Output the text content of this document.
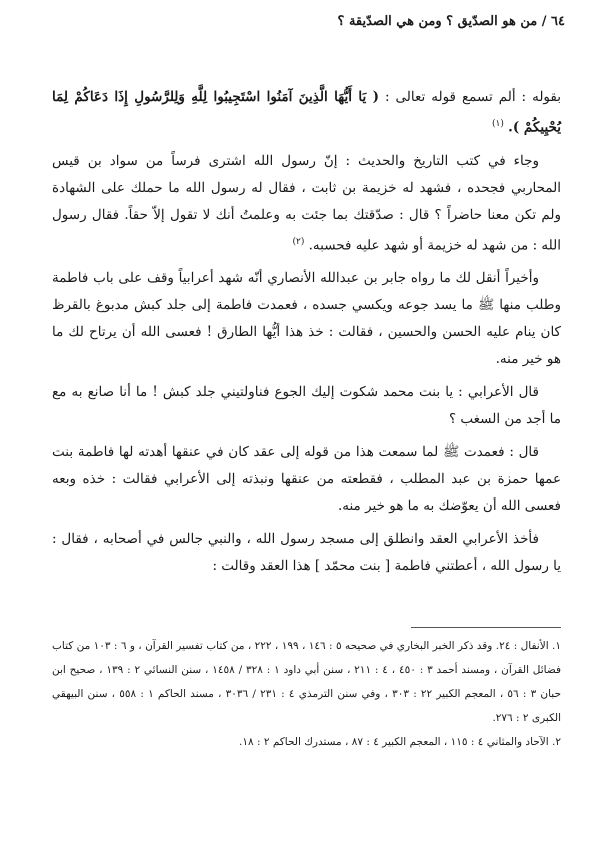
٦٤ / من هو الصدّيق ؟ ومن هي الصدّيقة ؟

بقوله : ألم تسمع قوله تعالى : ( يَا أَيُّهَا الَّذِينَ آمَنُوا اسْتَجِيبُوا لِلَّهِ وَلِلرَّسُولِ إِذَا دَعَاكُمْ لِمَا يُحْيِيكُمْ ). $^{(١)}$

وجاء في كتب التاريخ والحديث : إنّ رسول الله اشترى فرساً من سواد بن قيس المحاربي فجحده ، فشهد له خزيمة بن ثابت ، فقال له رسول الله ما حملك على الشهادة ولم تكن معنا حاضراً ؟ قال : صدّقتك بما جئت به وعلمتُ أنك لا تقول إلاّ حقاً. فقال رسول الله : من شهد له خزيمة أو شهد عليه فحسبه. $^{(٢)}$

وأخيراً أنقل لك ما رواه جابر بن عبدالله الأنصاري أنّه شهد أعرابياً وقف على باب فاطمة وطلب منها ﷺ ما يسد جوعه ويكسي جسده ، فعمدت فاطمة إلى جلد كبش مدبوغ بالقرظ كان ينام عليه الحسن والحسين ، فقالت : خذ هذا أيُّها الطارق ! فعسى الله أن يرتاح لك ما هو خير منه.

قال الأعرابي : يا بنت محمد شكوت إليك الجوع فناولتيني جلد كبش ! ما أنا صانع به مع ما أجد من السغب ؟

قال : فعمدت ﷺ لما سمعت هذا من قوله إلى عقد كان في عنقها أهدته لها فاطمة بنت عمها حمزة بن عبد المطلب ، فقطعته من عنقها ونبذته إلى الأعرابي فقالت : خذه وبعه فعسى الله أن يعوّضك به ما هو خير منه.

فأخذ الأعرابي العقد وانطلق إلى مسجد رسول الله ، والنبي جالس في أصحابه ، فقال : يا رسول الله ، أعطتني فاطمة [ بنت محمّد ] هذا العقد وقالت :

١. الأنفال : ٢٤. وقد ذكر الخبر البخاري في صحيحه ٥ : ١٤٦ ، ١٩٩ ، ٢٢٢ ، من كتاب تفسير القرآن ، و ٦ : ١٠٣ من كتاب فضائل القرآن ، ومسند أحمد ٣ : ٤٥٠ ، ٤ : ٢١١ ، سنن أبي داود ١ : ٣٢٨ / ١٤٥٨ ، سنن النسائي ٢ : ١٣٩ ، صحيح ابن حبان ٣ : ٥٦ ، المعجم الكبير ٢٢ : ٣٠٣ ، وفي سنن الترمذي ٤ : ٢٣١ / ٣٠٣٦ ، مسند الحاكم ١ : ٥٥٨ ، سنن البيهقي الكبرى ٢ : ٢٧٦.

٢. الآحاد والمثاني ٤ : ١١٥ ، المعجم الكبير ٤ : ٨٧ ، مستدرك الحاكم ٢ : ١٨.
